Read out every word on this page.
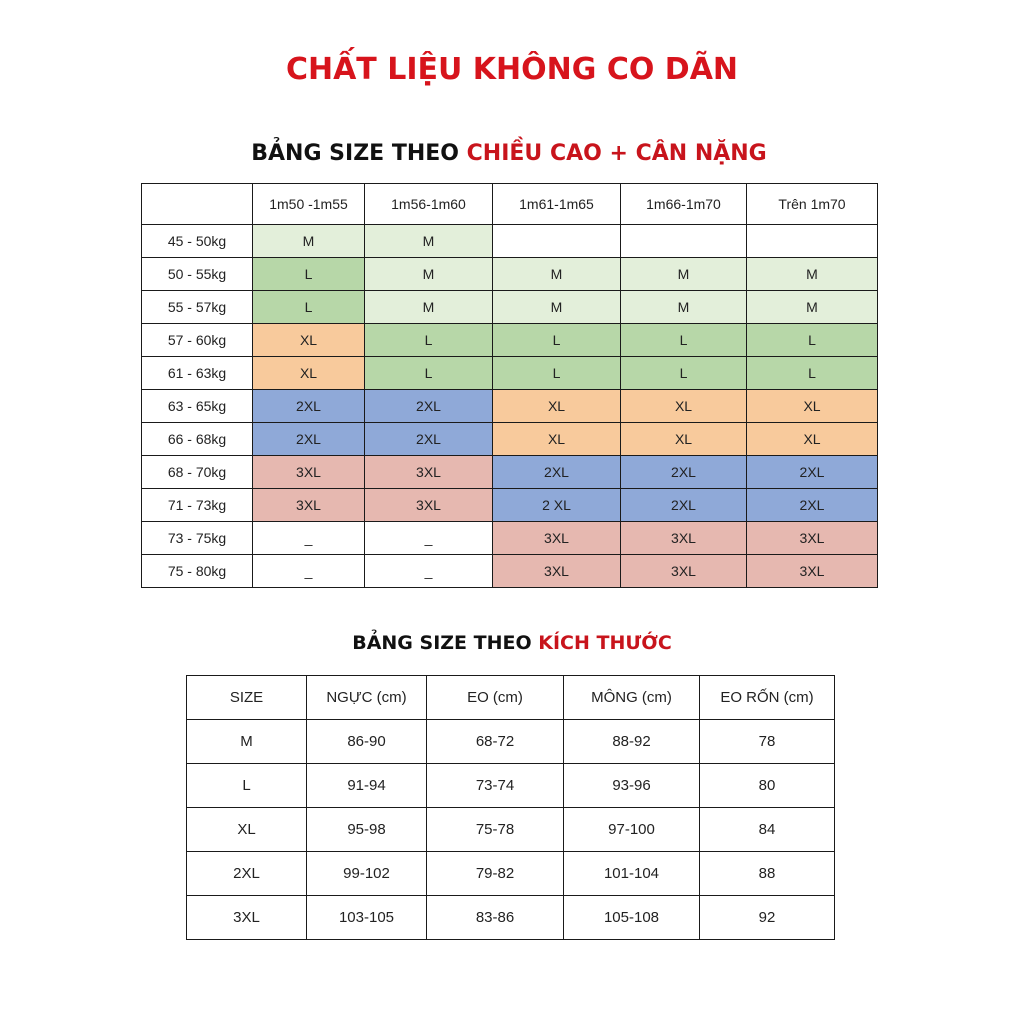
CHẤT LIỆU KHÔNG CO DÃN
BẢNG SIZE THEO CHIỀU CAO + CÂN NẶNG
	1m50 -1m55	1m56-1m60	1m61-1m65	1m66-1m70	Trên 1m70
45 - 50kg	M	M			
50 - 55kg	L	M	M	M	M
55 - 57kg	L	M	M	M	M
57 - 60kg	XL	L	L	L	L
61 - 63kg	XL	L	L	L	L
63 - 65kg	2XL	2XL	XL	XL	XL
66 - 68kg	2XL	2XL	XL	XL	XL
68 - 70kg	3XL	3XL	2XL	2XL	2XL
71 - 73kg	3XL	3XL	2 XL	2XL	2XL
73 - 75kg	_	_	3XL	3XL	3XL
75 - 80kg	_	_	3XL	3XL	3XL
BẢNG SIZE THEO KÍCH THƯỚC
SIZE	NGỰC (cm)	EO (cm)	MÔNG (cm)	EO RỐN (cm)
M	86-90	68-72	88-92	78
L	91-94	73-74	93-96	80
XL	95-98	75-78	97-100	84
2XL	99-102	79-82	101-104	88
3XL	103-105	83-86	105-108	92
